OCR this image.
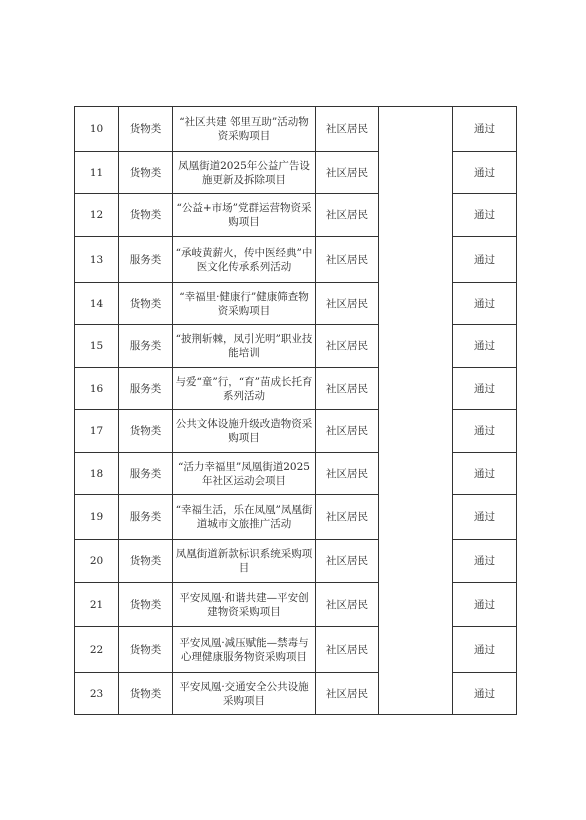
10	货物类	“社区共建 邻里互助”活动物资采购项目	社区居民		通过
11	货物类	凤凰街道2025年公益广告设施更新及拆除项目	社区居民		通过
12	货物类	“公益+市场”党群运营物资采购项目	社区居民		通过
13	服务类	“承岐黄薪火，传中医经典”中医文化传承系列活动	社区居民		通过
14	货物类	“幸福里·健康行”健康筛查物资采购项目	社区居民		通过
15	服务类	“披荆斩棘，凤引光明”职业技能培训	社区居民		通过
16	服务类	与爱“童”行，“育”苗成长托育系列活动	社区居民		通过
17	货物类	公共文体设施升级改造物资采购项目	社区居民		通过
18	服务类	“活力幸福里”凤凰街道2025年社区运动会项目	社区居民		通过
19	服务类	“幸福生活，乐在凤凰”凤凰街道城市文旅推广活动	社区居民		通过
20	货物类	凤凰街道新款标识系统采购项目	社区居民		通过
21	货物类	平安凤凰·和谐共建—平安创建物资采购项目	社区居民		通过
22	货物类	平安凤凰·减压赋能—禁毒与心理健康服务物资采购项目	社区居民		通过
23	货物类	平安凤凰·交通安全公共设施采购项目	社区居民		通过
